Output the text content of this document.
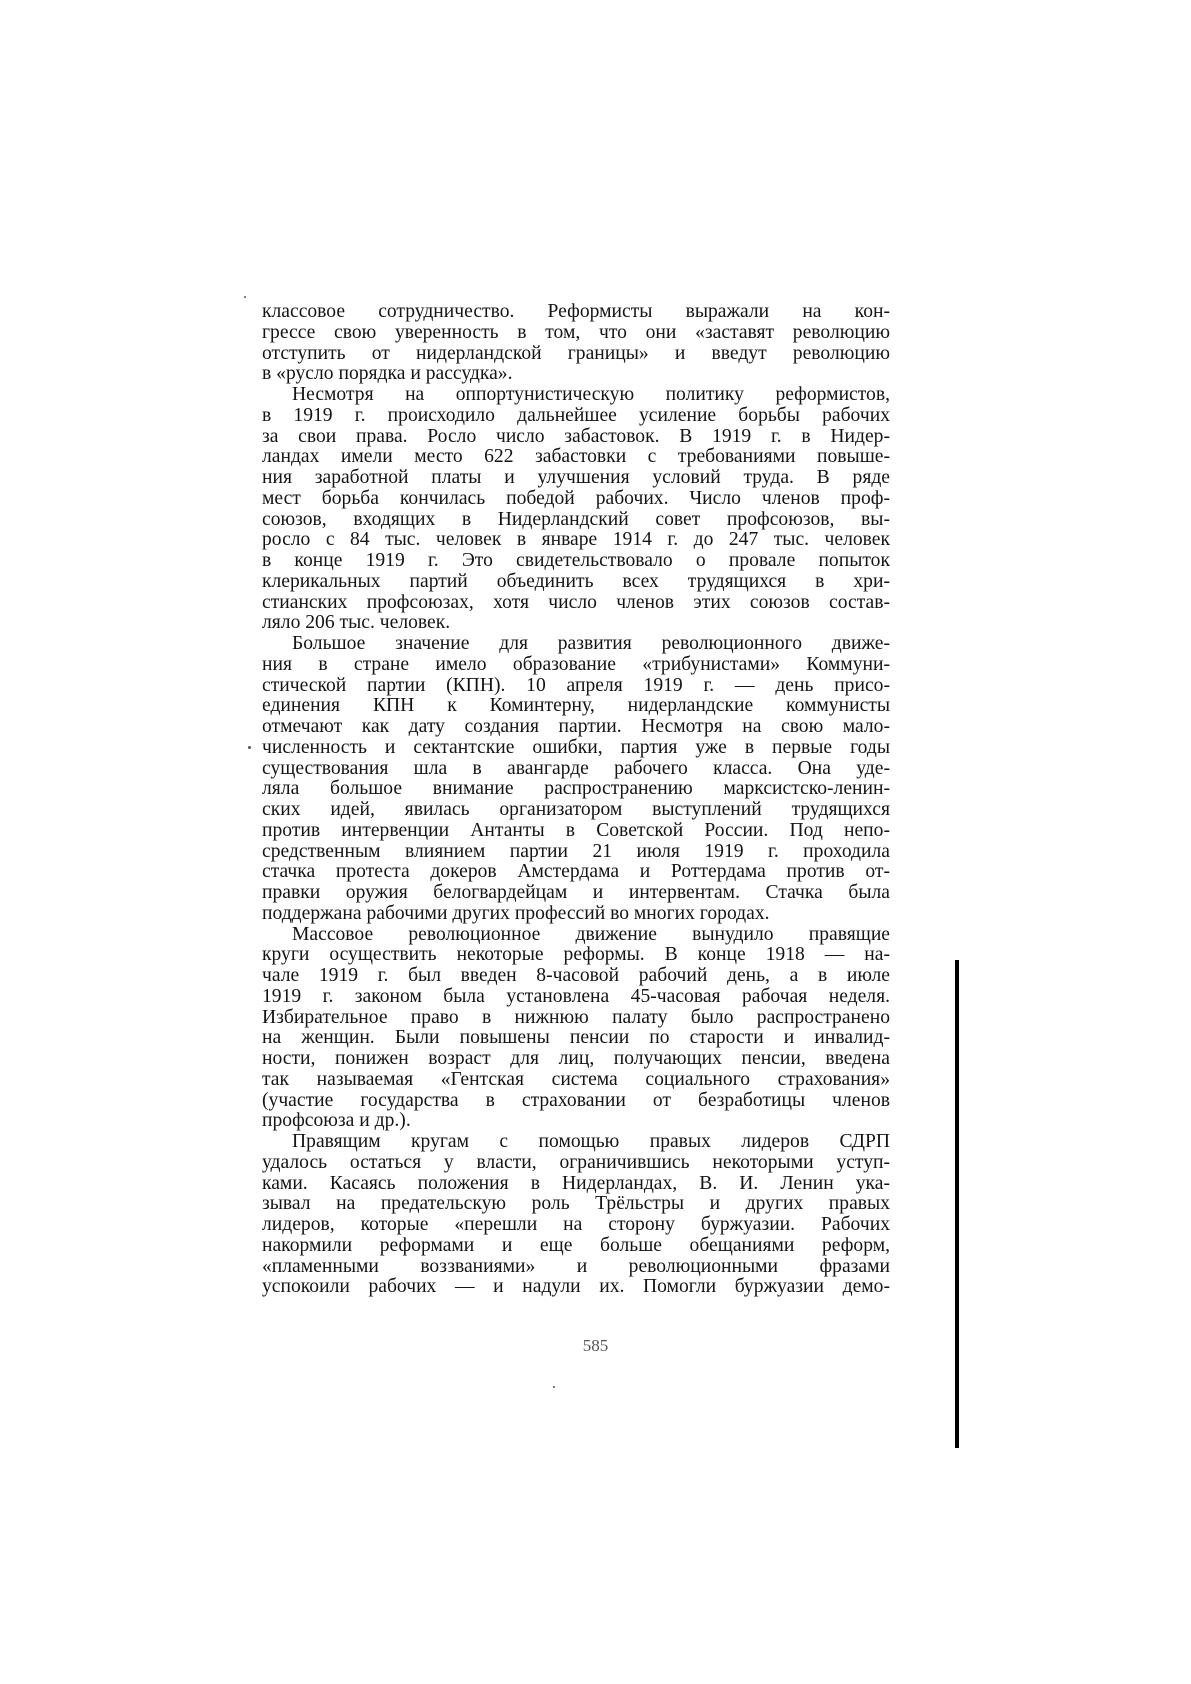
классовое сотрудничество. Реформисты выражали на кон-
грессе свою уверенность в том, что они «заставят революцию
отступить от нидерландской границы» и введут революцию
в «русло порядка и рассудка».
Несмотря на оппортунистическую политику реформистов,
в 1919 г. происходило дальнейшее усиление борьбы рабочих
за свои права. Росло число забастовок. В 1919 г. в Нидер-
ландах имели место 622 забастовки с требованиями повыше-
ния заработной платы и улучшения условий труда. В ряде
мест борьба кончилась победой рабочих. Число членов проф-
союзов, входящих в Нидерландский совет профсоюзов, вы-
росло с 84 тыс. человек в январе 1914 г. до 247 тыс. человек
в конце 1919 г. Это свидетельствовало о провале попыток
клерикальных партий объединить всех трудящихся в хри-
стианских профсоюзах, хотя число членов этих союзов состав-
ляло 206 тыс. человек.
Большое значение для развития революционного движе-
ния в стране имело образование «трибунистами» Коммуни-
стической партии (КПН). 10 апреля 1919 г. — день присо-
единения КПН к Коминтерну, нидерландские коммунисты
отмечают как дату создания партии. Несмотря на свою мало-
численность и сектантские ошибки, партия уже в первые годы
существования шла в авангарде рабочего класса. Она уде-
ляла большое внимание распространению марксистско-ленин-
ских идей, явилась организатором выступлений трудящихся
против интервенции Антанты в Советской России. Под непо-
средственным влиянием партии 21 июля 1919 г. проходила
стачка протеста докеров Амстердама и Роттердама против от-
правки оружия белогвардейцам и интервентам. Стачка была
поддержана рабочими других профессий во многих городах.
Массовое революционное движение вынудило правящие
круги осуществить некоторые реформы. В конце 1918 — на-
чале 1919 г. был введен 8-часовой рабочий день, а в июле
1919 г. законом была установлена 45-часовая рабочая неделя.
Избирательное право в нижнюю палату было распространено
на женщин. Были повышены пенсии по старости и инвалид-
ности, понижен возраст для лиц, получающих пенсии, введена
так называемая «Гентская система социального страхования»
(участие государства в страховании от безработицы членов
профсоюза и др.).
Правящим кругам с помощью правых лидеров СДРП
удалось остаться у власти, ограничившись некоторыми уступ-
ками. Касаясь положения в Нидерландах, В. И. Ленин ука-
зывал на предательскую роль Трёльстры и других правых
лидеров, которые «перешли на сторону буржуазии. Рабочих
накормили реформами и еще больше обещаниями реформ,
«пламенными воззваниями» и революционными фразами
успокоили рабочих — и надули их. Помогли буржуазии демо-
585
